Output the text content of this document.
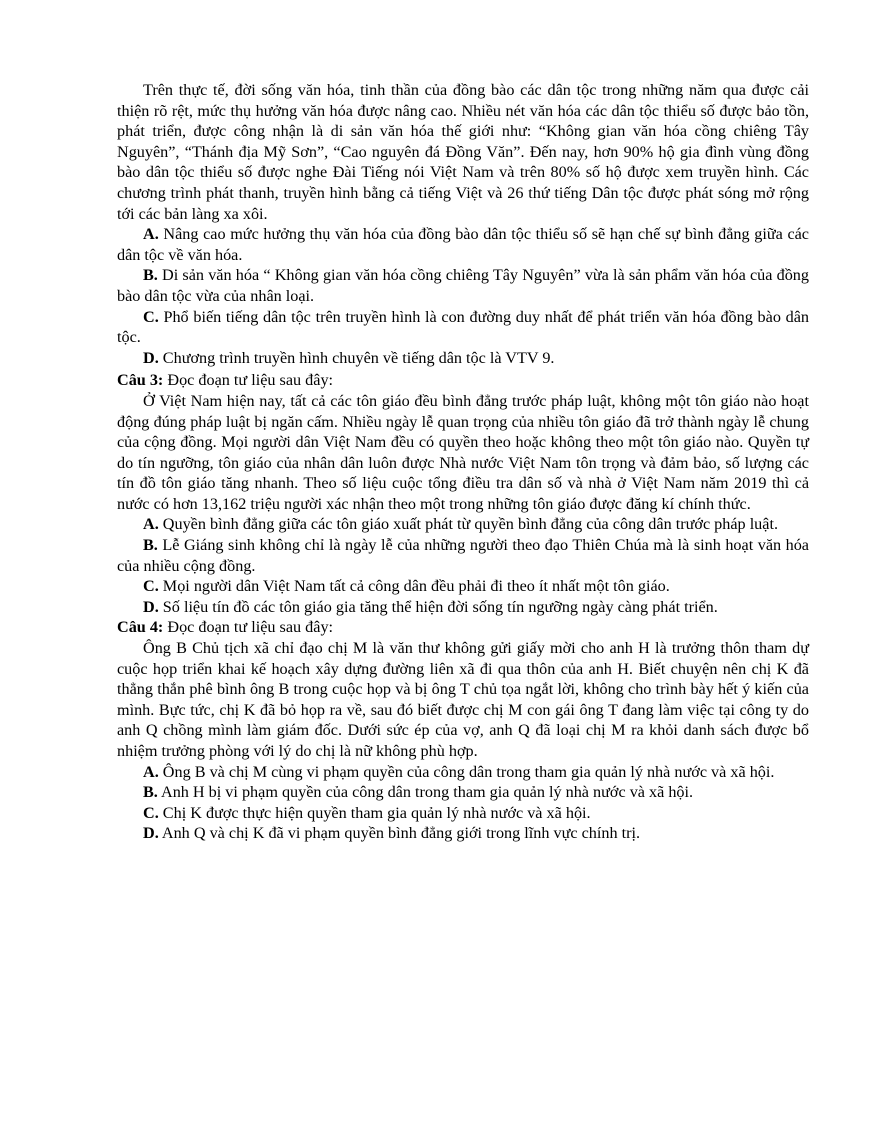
Trên thực tế, đời sống văn hóa, tinh thần của đồng bào các dân tộc trong những năm qua được cải thiện rõ rệt, mức thụ hưởng văn hóa được nâng cao. Nhiều nét văn hóa các dân tộc thiểu số được bảo tồn, phát triển, được công nhận là di sản văn hóa thế giới như: “Không gian văn hóa cồng chiêng Tây Nguyên”, “Thánh địa Mỹ Sơn”, “Cao nguyên đá Đồng Văn”. Đến nay, hơn 90% hộ gia đình vùng đồng bào dân tộc thiểu số được nghe Đài Tiếng nói Việt Nam và trên 80% số hộ được xem truyền hình. Các chương trình phát thanh, truyền hình bằng cả tiếng Việt và 26 thứ tiếng Dân tộc được phát sóng mở rộng tới các bản làng xa xôi.

A. Nâng cao mức hưởng thụ văn hóa của đồng bào dân tộc thiểu số sẽ hạn chế sự bình đẳng giữa các dân tộc về văn hóa.

B. Di sản văn hóa “ Không gian văn hóa cồng chiêng Tây Nguyên” vừa là sản phẩm văn hóa của đồng bào dân tộc vừa của nhân loại.

C. Phổ biến tiếng dân tộc trên truyền hình là con đường duy nhất để phát triển văn hóa đồng bào dân tộc.

D. Chương trình truyền hình chuyên về tiếng dân tộc là VTV 9.

Câu 3: Đọc đoạn tư liệu sau đây:

Ở Việt Nam hiện nay, tất cả các tôn giáo đều bình đẳng trước pháp luật, không một tôn giáo nào hoạt động đúng pháp luật bị ngăn cấm. Nhiều ngày lễ quan trọng của nhiều tôn giáo đã trở thành ngày lễ chung của cộng đồng. Mọi người dân Việt Nam đều có quyền theo hoặc không theo một tôn giáo nào. Quyền tự do tín ngưỡng, tôn giáo của nhân dân luôn được Nhà nước Việt Nam tôn trọng và đảm bảo, số lượng các tín đồ tôn giáo tăng nhanh. Theo số liệu cuộc tổng điều tra dân số và nhà ở Việt Nam năm 2019 thì cả nước có hơn 13,162 triệu người xác nhận theo một trong những tôn giáo được đăng kí chính thức.

A. Quyền bình đẳng giữa các tôn giáo xuất phát từ quyền bình đẳng của công dân trước pháp luật.

B. Lễ Giáng sinh không chỉ là ngày lễ của những người theo đạo Thiên Chúa mà là sinh hoạt văn hóa của nhiều cộng đồng.

C. Mọi người dân Việt Nam tất cả công dân đều phải đi theo ít nhất một tôn giáo.

D. Số liệu tín đồ các tôn giáo gia tăng thể hiện đời sống tín ngưỡng ngày càng phát triển.

Câu 4: Đọc đoạn tư liệu sau đây:

Ông B Chủ tịch xã chỉ đạo chị M là văn thư không gửi giấy mời cho anh H là trưởng thôn tham dự cuộc họp triển khai kế hoạch xây dựng đường liên xã đi qua thôn của anh H. Biết chuyện nên chị K đã thẳng thắn phê bình ông B trong cuộc họp và bị ông T chủ tọa ngắt lời, không cho trình bày hết ý kiến của mình. Bực tức, chị K đã bỏ họp ra về, sau đó biết được chị M con gái ông T đang làm việc tại công ty do anh Q chồng mình làm giám đốc. Dưới sức ép của vợ, anh Q đã loại chị M ra khỏi danh sách được bổ nhiệm trưởng phòng với lý do chị là nữ không phù hợp.

A. Ông B và chị M cùng vi phạm quyền của công dân trong tham gia quản lý nhà nước và xã hội.

B. Anh H bị vi phạm quyền của công dân trong tham gia quản lý nhà nước và xã hội.

C. Chị K được thực hiện quyền tham gia quản lý nhà nước và xã hội.

D. Anh Q và chị K đã vi phạm quyền bình đẳng giới trong lĩnh vực chính trị.
